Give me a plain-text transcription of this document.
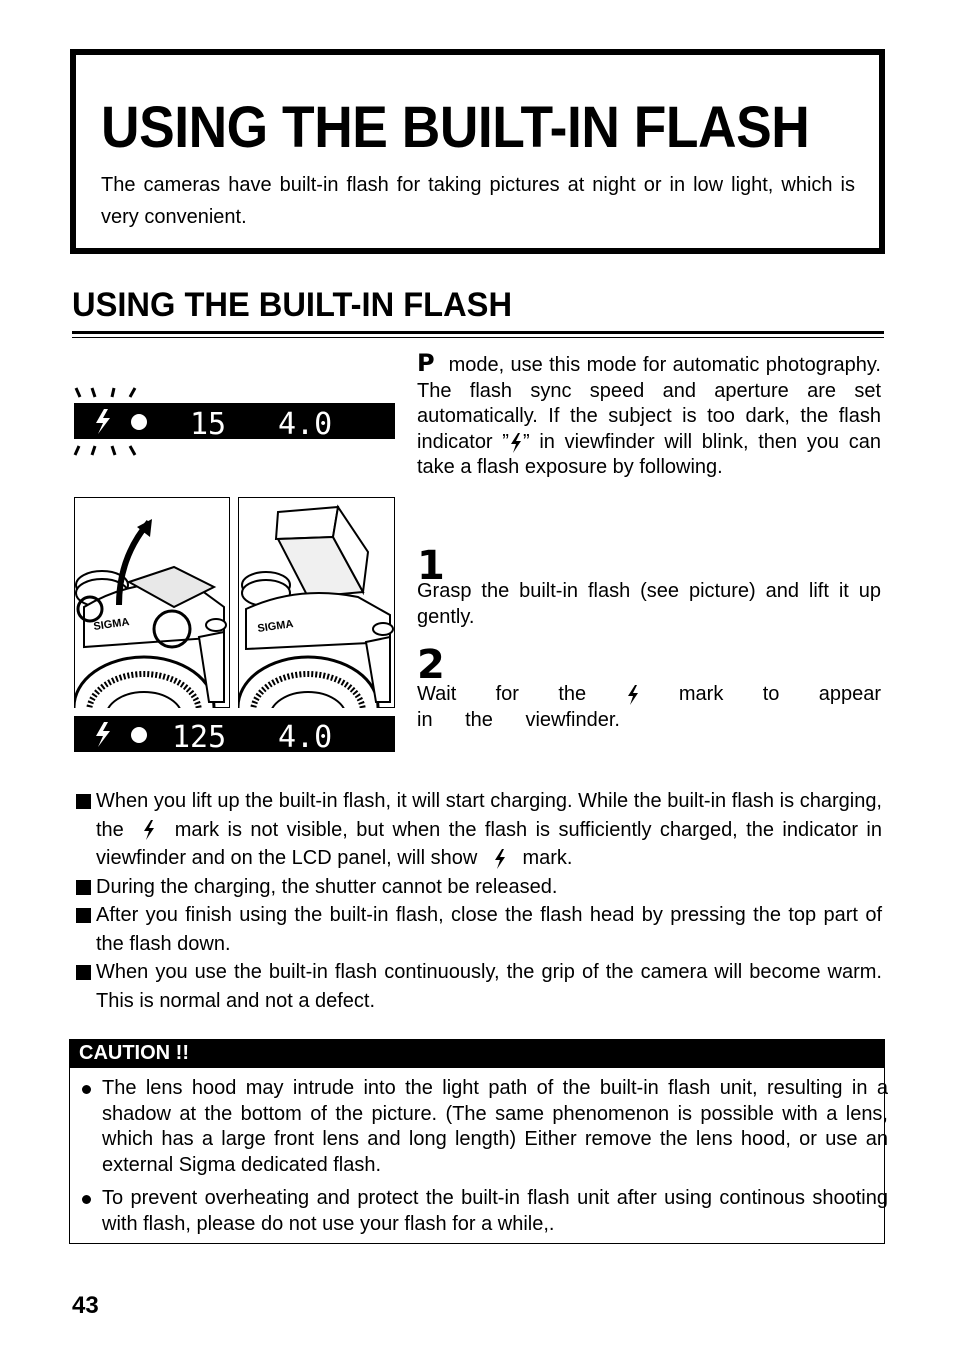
USING THE BUILT-IN FLASH
The cameras have built-in flash for taking pictures at night or in low light, which is very convenient.
USING THE BUILT-IN FLASH
15 4.0
SIGMA	SIGMA
125 4.0
P mode, use this mode for automatic photography. The flash sync speed and aperture are set automatically. If the subject is too dark, the flash indicator ” ” in viewfinder will blink, then you can take a flash exposure by following.
1
Grasp the built-in flash (see picture) and lift it up gently.
2
Wait for the	mark to appear in the viewfinder.
When you lift up the built-in flash, it will start charging. While the built-in flash is charging, the	mark is not visible, but when the flash is sufficiently charged, the indicator in viewfinder and on the LCD panel, will show mark.
During the charging, the shutter cannot be released.
After you finish using the built-in flash, close the flash head by pressing the top part of the flash down.
When you use the built-in flash continuously, the grip of the camera will become warm. This is normal and not a defect.
CAUTION !!
The lens hood may intrude into the light path of the built-in flash unit, resulting in a shadow at the bottom of the picture. (The same phenomenon is possible with a lens, which has a large front lens and long length) Either remove the lens hood, or use an external Sigma dedicated flash.
To prevent overheating and protect the built-in flash unit after using continous shooting with flash, please do not use your flash for a while,.
43
